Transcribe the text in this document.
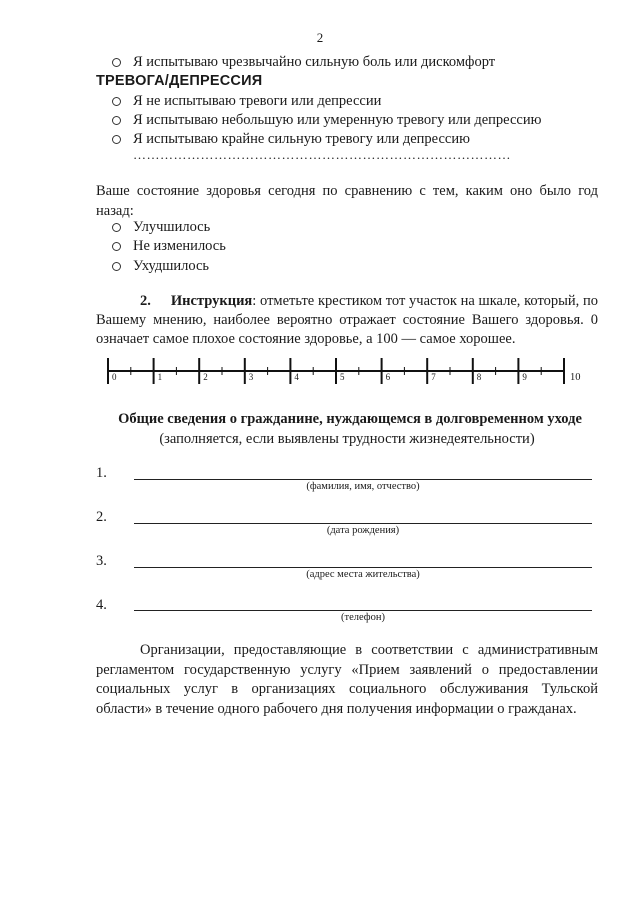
2
Я испытываю чрезвычайно сильную боль или дискомфорт
ТРЕВОГА/ДЕПРЕССИЯ
Я не испытываю тревоги или депрессии
Я испытываю небольшую или умеренную тревогу или депрессию
Я испытываю крайне сильную тревогу или депрессию
…………………………………………………………………………
Ваше состояние здоровья сегодня по сравнению с тем, каким оно было год назад:
Улучшилось
Не изменилось
Ухудшилось
2. Инструкция: отметьте крестиком тот участок на шкале, который, по Вашему мнению, наиболее вероятно отражает состояние Вашего здоровья. 0 означает самое плохое состояние здоровье, а 100 — самое хорошее.
0	1	2	3	4	5	6	7	8	9	10
Общие сведения о гражданине, нуждающемся в долговременном уходе
(заполняется, если выявлены трудности жизнедеятельности)
1.
(фамилия, имя, отчество)
2.
(дата рождения)
3.
(адрес места жительства)
4.
(телефон)
Организации, предоставляющие в соответствии с административным регламентом государственную услугу «Прием заявлений о предоставлении социальных услуг в организациях социального обслуживания Тульской области» в течение одного рабочего дня получения информации о гражданах.
